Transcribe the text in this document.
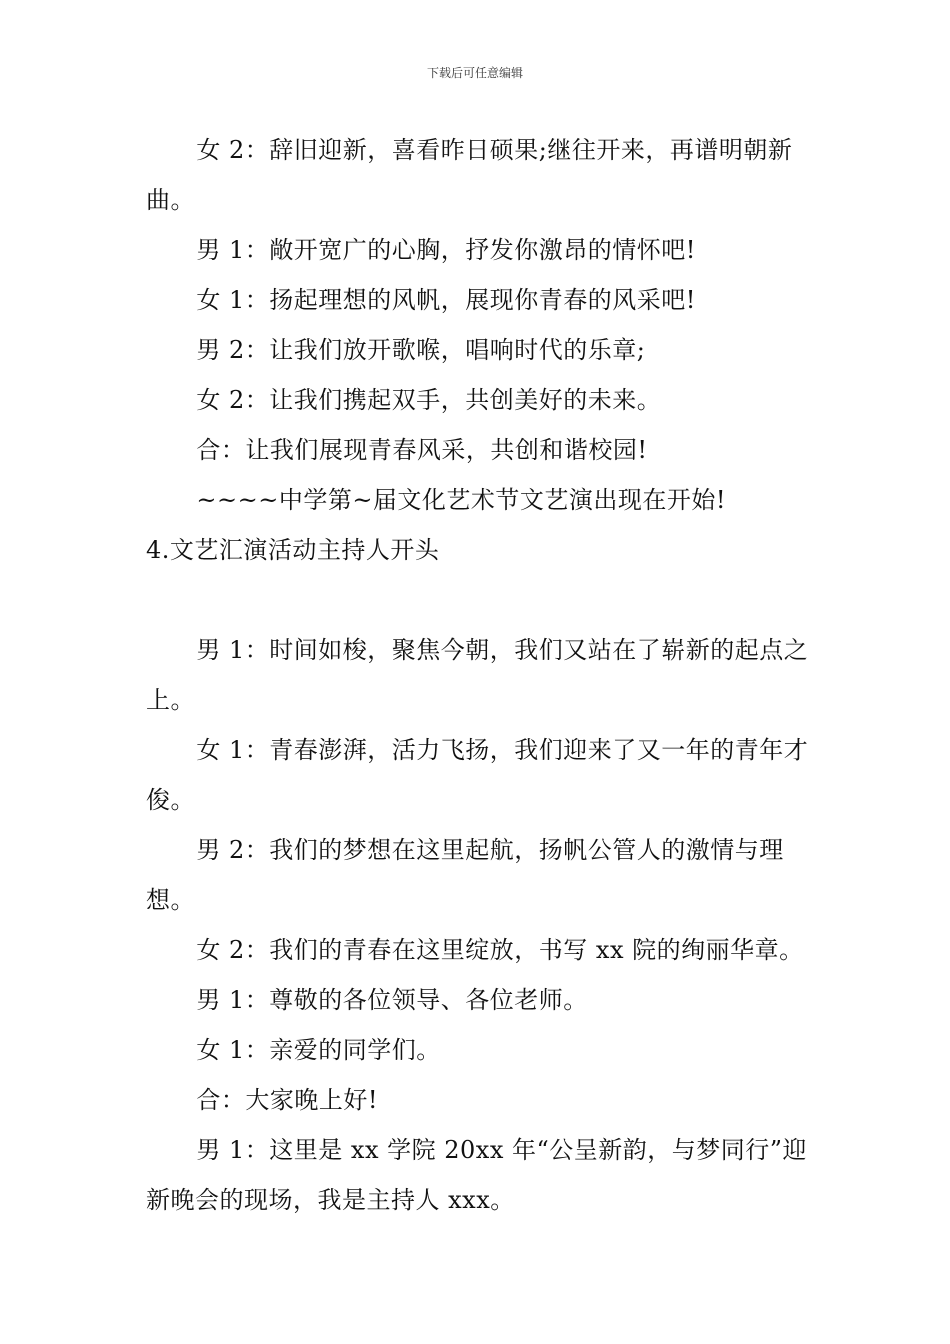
下载后可任意编辑

女 2：辞旧迎新，喜看昨日硕果;继往开来，再谱明朝新曲。

男 1：敞开宽广的心胸，抒发你激昂的情怀吧!

女 1：扬起理想的风帆，展现你青春的风采吧!

男 2：让我们放开歌喉，唱响时代的乐章;

女 2：让我们携起双手，共创美好的未来。

合：让我们展现青春风采，共创和谐校园!

~~~~中学第~届文化艺术节文艺演出现在开始!

4.文艺汇演活动主持人开头

男 1：时间如梭，聚焦今朝，我们又站在了崭新的起点之上。

女 1：青春澎湃，活力飞扬，我们迎来了又一年的青年才俊。

男 2：我们的梦想在这里起航，扬帆公管人的激情与理想。

女 2：我们的青春在这里绽放，书写 xx 院的绚丽华章。

男 1：尊敬的各位领导、各位老师。

女 1：亲爱的同学们。

合：大家晚上好!

男 1：这里是 xx 学院 20xx 年“公呈新韵，与梦同行”迎新晚会的现场，我是主持人 xxx。
